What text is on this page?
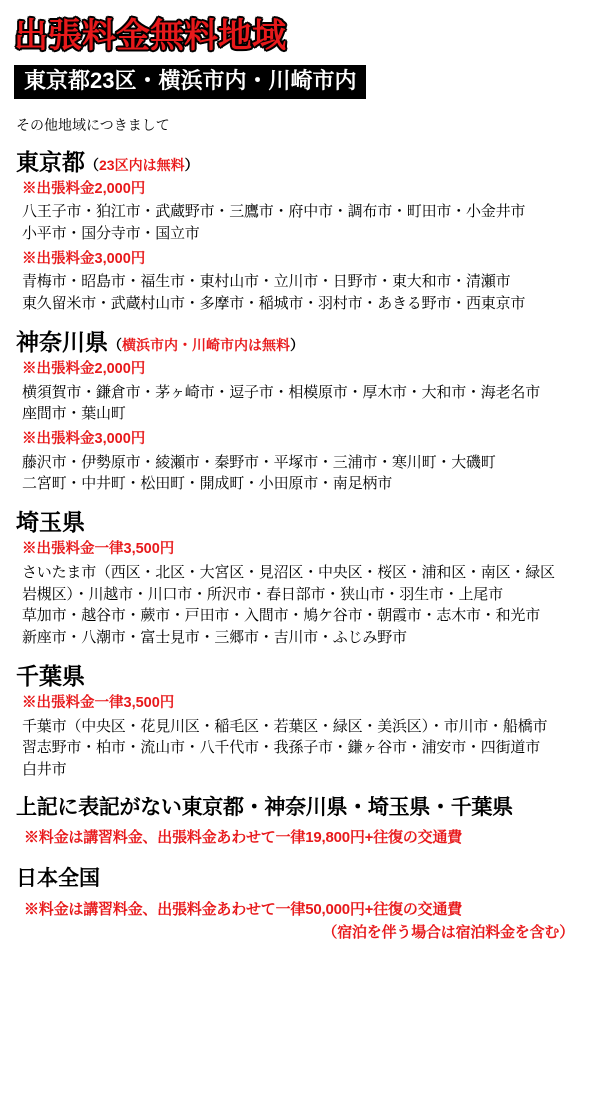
出張料金無料地域
東京都23区・横浜市内・川崎市内
その他地域につきまして
東京都（23区内は無料）
※出張料金2,000円
八王子市・狛江市・武蔵野市・三鷹市・府中市・調布市・町田市・小金井市
小平市・国分寺市・国立市
※出張料金3,000円
青梅市・昭島市・福生市・東村山市・立川市・日野市・東大和市・清瀬市
東久留米市・武蔵村山市・多摩市・稲城市・羽村市・あきる野市・西東京市
神奈川県（横浜市内・川崎市内は無料）
※出張料金2,000円
横須賀市・鎌倉市・茅ヶ崎市・逗子市・相模原市・厚木市・大和市・海老名市
座間市・葉山町
※出張料金3,000円
藤沢市・伊勢原市・綾瀬市・秦野市・平塚市・三浦市・寒川町・大磯町
二宮町・中井町・松田町・開成町・小田原市・南足柄市
埼玉県
※出張料金一律3,500円
さいたま市（西区・北区・大宮区・見沼区・中央区・桜区・浦和区・南区・緑区
岩槻区）・川越市・川口市・所沢市・春日部市・狭山市・羽生市・上尾市
草加市・越谷市・蕨市・戸田市・入間市・鳩ケ谷市・朝霞市・志木市・和光市
新座市・八潮市・富士見市・三郷市・吉川市・ふじみ野市
千葉県
※出張料金一律3,500円
千葉市（中央区・花見川区・稲毛区・若葉区・緑区・美浜区）・市川市・船橋市
習志野市・柏市・流山市・八千代市・我孫子市・鎌ヶ谷市・浦安市・四街道市
白井市
上記に表記がない東京都・神奈川県・埼玉県・千葉県
※料金は講習料金、出張料金あわせて一律19,800円+往復の交通費
日本全国
※料金は講習料金、出張料金あわせて一律50,000円+往復の交通費
（宿泊を伴う場合は宿泊料金を含む）
